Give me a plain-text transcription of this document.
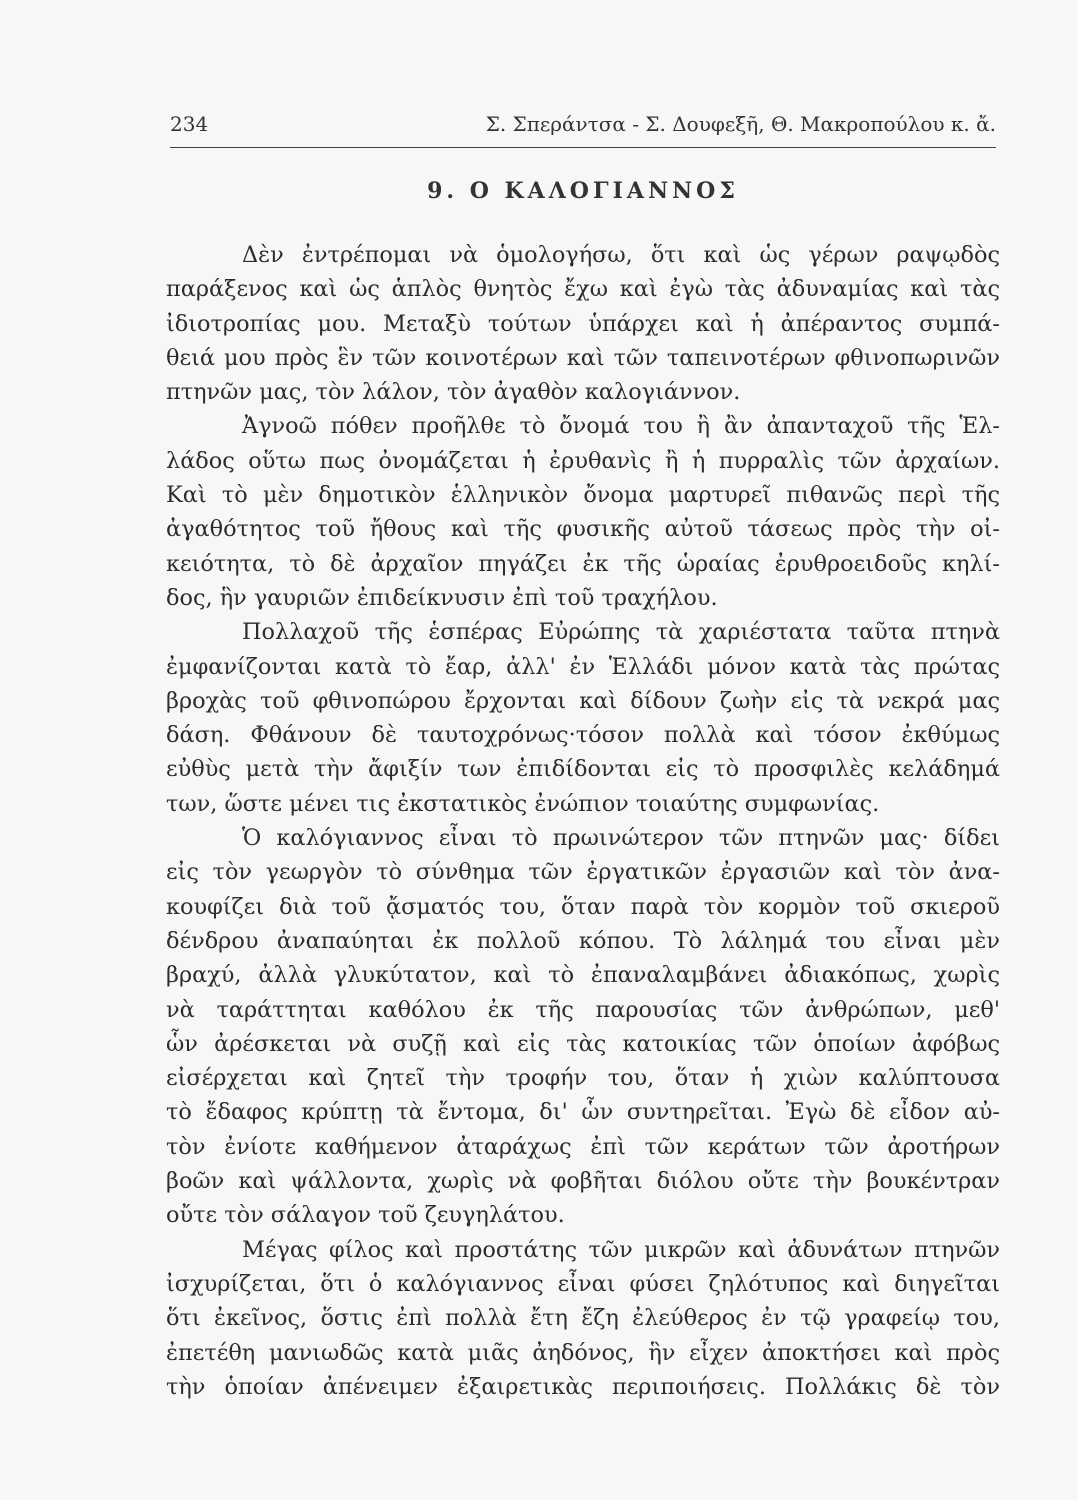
234	Σ. Σπεράντσα - Σ. Δουφεξῆ, Θ. Μακροπούλου κ. ἄ.
9. Ο ΚΑΛΟΓΙΑΝΝΟΣ
Δὲν ἐντρέπομαι νὰ ὁμολογήσω, ὅτι καὶ ὡς γέρων ραψῳδὸς
παράξενος καὶ ὡς ἁπλὸς θνητὸς ἔχω καὶ ἐγὼ τὰς ἀδυναμίας καὶ τὰς
ἰδιοτροπίας μου. Μεταξὺ τούτων ὑπάρχει καὶ ἡ ἀπέραντος συμπά-
θειά μου πρὸς ἓν τῶν κοινοτέρων καὶ τῶν ταπεινοτέρων φθινοπωρινῶν
πτηνῶν μας, τὸν λάλον, τὸν ἀγαθὸν καλογιάννον.
Ἀγνοῶ πόθεν προῆλθε τὸ ὄνομά του ἢ ἂν ἀπανταχοῦ τῆς Ἑλ-
λάδος οὕτω πως ὀνομάζεται ἡ ἐρυθανὶς ἢ ἡ πυρραλὶς τῶν ἀρχαίων.
Καὶ τὸ μὲν δημοτικὸν ἑλληνικὸν ὄνομα μαρτυρεῖ πιθανῶς περὶ τῆς
ἀγαθότητος τοῦ ἤθους καὶ τῆς φυσικῆς αὐτοῦ τάσεως πρὸς τὴν οἰ-
κειότητα, τὸ δὲ ἀρχαῖον πηγάζει ἐκ τῆς ὡραίας ἐρυθροειδοῦς κηλί-
δος, ἣν γαυριῶν ἐπιδείκνυσιν ἐπὶ τοῦ τραχήλου.
Πολλαχοῦ τῆς ἑσπέρας Εὐρώπης τὰ χαριέστατα ταῦτα πτηνὰ
ἐμφανίζονται κατὰ τὸ ἔαρ, ἀλλ' ἐν Ἑλλάδι μόνον κατὰ τὰς πρώτας
βροχὰς τοῦ φθινοπώρου ἔρχονται καὶ δίδουν ζωὴν εἰς τὰ νεκρά μας
δάση. Φθάνουν δὲ ταυτοχρόνως·τόσον πολλὰ καὶ τόσον ἐκθύμως
εὐθὺς μετὰ τὴν ἄφιξίν των ἐπιδίδονται εἰς τὸ προσφιλὲς κελάδημά
των, ὥστε μένει τις ἐκστατικὸς ἐνώπιον τοιαύτης συμφωνίας.
Ὁ καλόγιαννος εἶναι τὸ πρωινώτερον τῶν πτηνῶν μας· δίδει
εἰς τὸν γεωργὸν τὸ σύνθημα τῶν ἐργατικῶν ἐργασιῶν καὶ τὸν ἀνα-
κουφίζει διὰ τοῦ ᾄσματός του, ὅταν παρὰ τὸν κορμὸν τοῦ σκιεροῦ
δένδρου ἀναπαύηται ἐκ πολλοῦ κόπου. Τὸ λάλημά του εἶναι μὲν
βραχύ, ἀλλὰ γλυκύτατον, καὶ τὸ ἐπαναλαμβάνει ἀδιακόπως, χωρὶς
νὰ ταράττηται καθόλου ἐκ τῆς παρουσίας τῶν ἀνθρώπων, μεθ'
ὧν ἀρέσκεται νὰ συζῇ καὶ εἰς τὰς κατοικίας τῶν ὁποίων ἀφόβως
εἰσέρχεται καὶ ζητεῖ τὴν τροφήν του, ὅταν ἡ χιὼν καλύπτουσα
τὸ ἔδαφος κρύπτῃ τὰ ἔντομα, δι' ὧν συντηρεῖται. Ἐγὼ δὲ εἶδον αὐ-
τὸν ἐνίοτε καθήμενον ἀταράχως ἐπὶ τῶν κεράτων τῶν ἀροτήρων
βοῶν καὶ ψάλλοντα, χωρὶς νὰ φοβῆται διόλου οὔτε τὴν βουκέντραν
οὔτε τὸν σάλαγον τοῦ ζευγηλάτου.
Μέγας φίλος καὶ προστάτης τῶν μικρῶν καὶ ἀδυνάτων πτηνῶν
ἰσχυρίζεται, ὅτι ὁ καλόγιαννος εἶναι φύσει ζηλότυπος καὶ διηγεῖται
ὅτι ἐκεῖνος, ὅστις ἐπὶ πολλὰ ἔτη ἔζη ἐλεύθερος ἐν τῷ γραφείῳ του,
ἐπετέθη μανιωδῶς κατὰ μιᾶς ἀηδόνος, ἣν εἶχεν ἀποκτήσει καὶ πρὸς
τὴν ὁποίαν ἀπένειμεν ἐξαιρετικὰς περιποιήσεις. Πολλάκις δὲ τὸν
